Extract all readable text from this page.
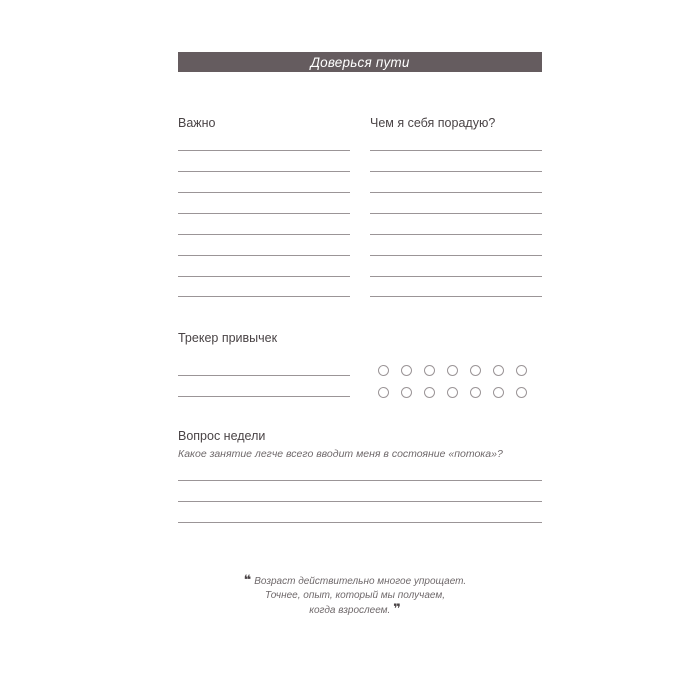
Доверься пути
Важно	Чем я себя порадую?
Трекер привычек
Вопрос недели
Какое занятие легче всего вводит меня в состояние «потока»?
❝ Возраст действительно многое упрощает.
Точнее, опыт, который мы получаем,
когда взрослеем. ❞
